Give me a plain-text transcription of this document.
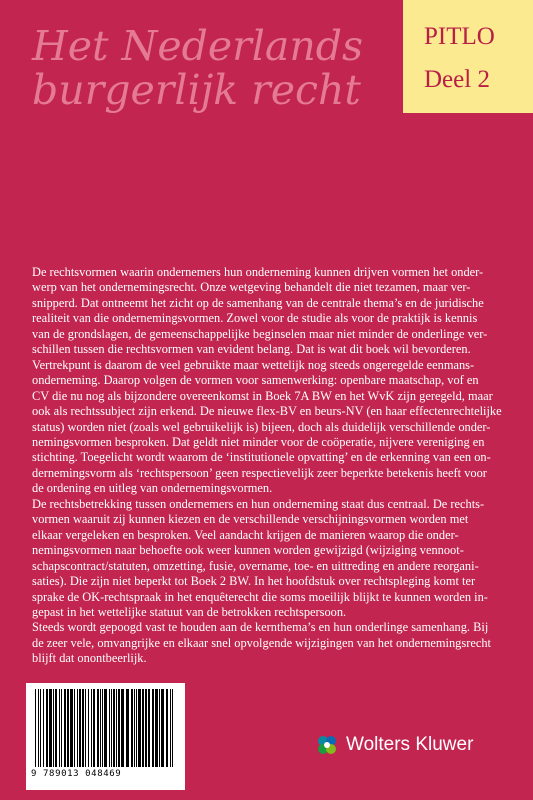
Het Nederlands
burgerlijk recht
PITLO
Deel 2
De rechtsvormen waarin ondernemers hun onderneming kunnen drijven vormen het onder-
werp van het ondernemingsrecht. Onze wetgeving behandelt die niet tezamen, maar ver-
snipperd. Dat ontneemt het zicht op de samenhang van de centrale thema’s en de juridische
realiteit van die ondernemingsvormen. Zowel voor de studie als voor de praktijk is kennis
van de grondslagen, de gemeenschappelijke beginselen maar niet minder de onderlinge ver-
schillen tussen die rechtsvormen van evident belang. Dat is wat dit boek wil bevorderen.
Vertrekpunt is daarom de veel gebruikte maar wettelijk nog steeds ongeregelde eenmans-
onderneming. Daarop volgen de vormen voor samenwerking: openbare maatschap, vof en
CV die nu nog als bijzondere overeenkomst in Boek 7A BW en het WvK zijn geregeld, maar
ook als rechtssubject zijn erkend. De nieuwe flex-BV en beurs-NV (en haar effectenrechtelijke
status) worden niet (zoals wel gebruikelijk is) bijeen, doch als duidelijk verschillende onder-
nemingsvormen besproken. Dat geldt niet minder voor de coöperatie, nijvere vereniging en
stichting. Toegelicht wordt waarom de ‘institutionele opvatting’ en de erkenning van een on-
dernemingsvorm als ‘rechtspersoon’ geen respectievelijk zeer beperkte betekenis heeft voor
de ordening en uitleg van ondernemingsvormen.
De rechtsbetrekking tussen ondernemers en hun onderneming staat dus centraal. De rechts-
vormen waaruit zij kunnen kiezen en de verschillende verschijningsvormen worden met
elkaar vergeleken en besproken. Veel aandacht krijgen de manieren waarop die onder-
nemingsvormen naar behoefte ook weer kunnen worden gewijzigd (wijziging vennoot-
schapscontract/statuten, omzetting, fusie, overname, toe- en uittreding en andere reorgani-
saties). Die zijn niet beperkt tot Boek 2 BW. In het hoofdstuk over rechtspleging komt ter
sprake de OK-rechtspraak in het enquêterecht die soms moeilijk blijkt te kunnen worden in-
gepast in het wettelijke statuut van de betrokken rechtspersoon.
Steeds wordt gepoogd vast te houden aan de kernthema’s en hun onderlinge samenhang. Bij
de zeer vele, omvangrijke en elkaar snel opvolgende wijzigingen van het ondernemingsrecht
blijft dat onontbeerlijk.
9 789013 048469
Wolters Kluwer
